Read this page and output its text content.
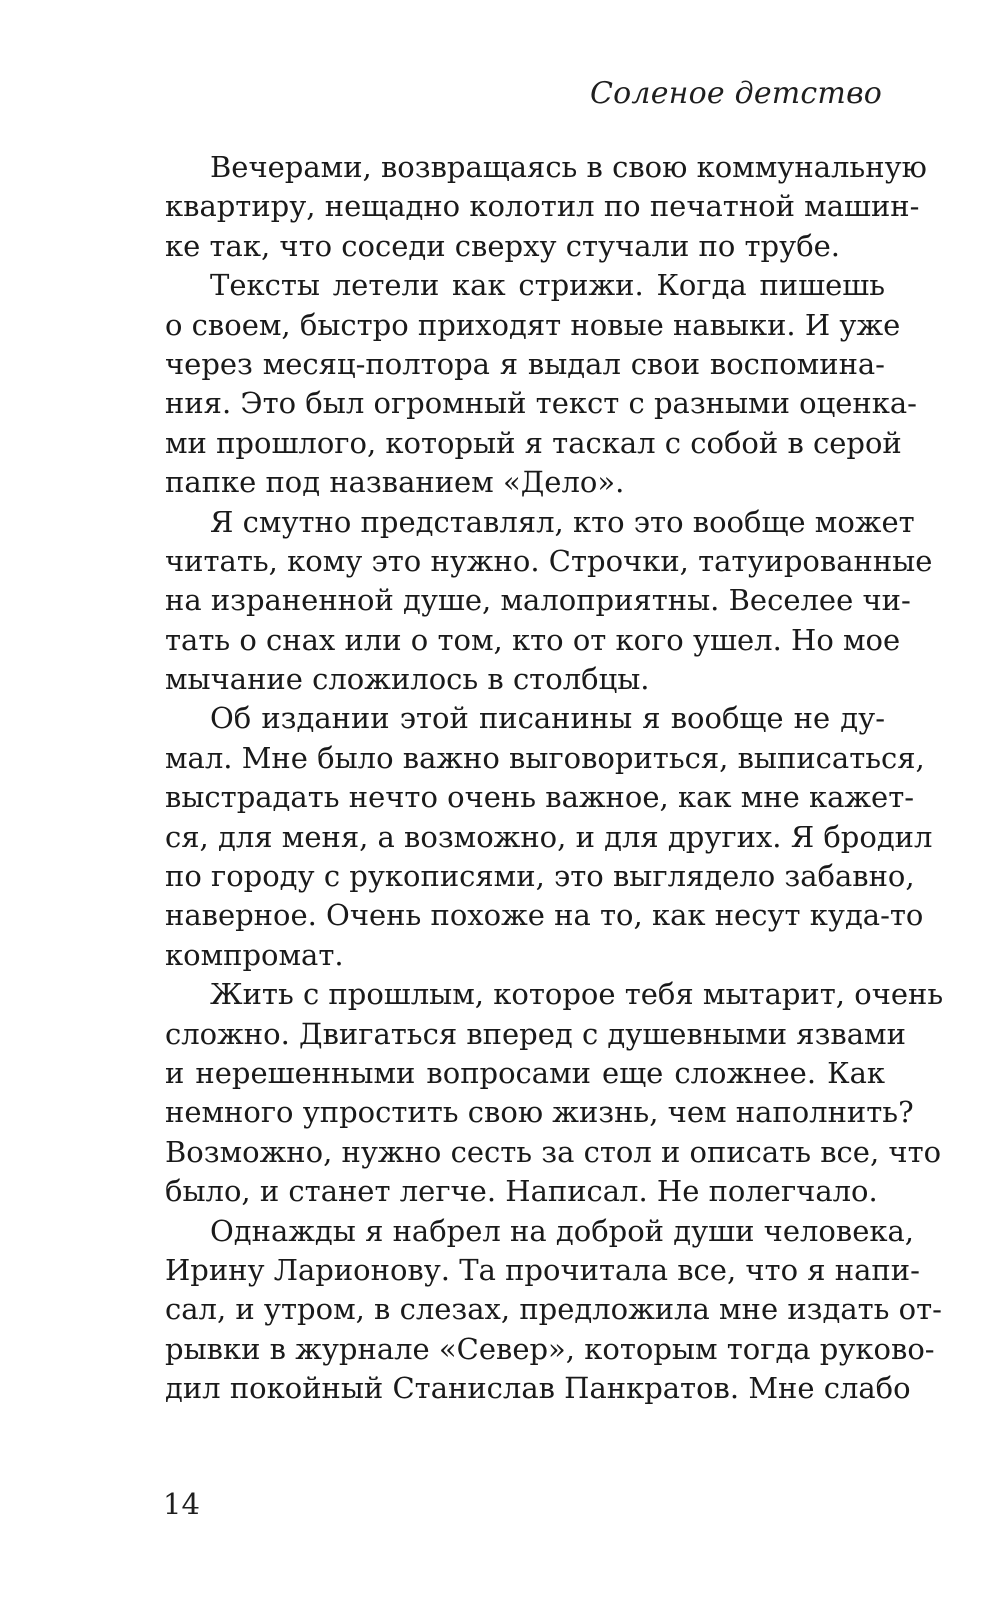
Соленое детство
Вечерами, возвращаясь в свою коммунальную
квартиру, нещадно колотил по печатной машин-
ке так, что соседи сверху стучали по трубе.
Тексты летели как стрижи. Когда пишешь
о своем, быстро приходят новые навыки. И уже
через месяц-полтора я выдал свои воспомина-
ния. Это был огромный текст с разными оценка-
ми прошлого, который я таскал с собой в серой
папке под названием «Дело».
Я смутно представлял, кто это вообще может
читать, кому это нужно. Строчки, татуированные
на израненной душе, малоприятны. Веселее чи-
тать о снах или о том, кто от кого ушел. Но мое
мычание сложилось в столбцы.
Об издании этой писанины я вообще не ду-
мал. Мне было важно выговориться, выписаться,
выстрадать нечто очень важное, как мне кажет-
ся, для меня, а возможно, и для других. Я бродил
по городу с рукописями, это выглядело забавно,
наверное. Очень похоже на то, как несут куда-то
компромат.
Жить с прошлым, которое тебя мытарит, очень
сложно. Двигаться вперед с душевными язвами
и нерешенными вопросами еще сложнее. Как
немного упростить свою жизнь, чем наполнить?
Возможно, нужно сесть за стол и описать все, что
было, и станет легче. Написал. Не полегчало.
Однажды я набрел на доброй души человека,
Ирину Ларионову. Та прочитала все, что я напи-
сал, и утром, в слезах, предложила мне издать от-
рывки в журнале «Север», которым тогда руково-
дил покойный Станислав Панкратов. Мне слабо
14
